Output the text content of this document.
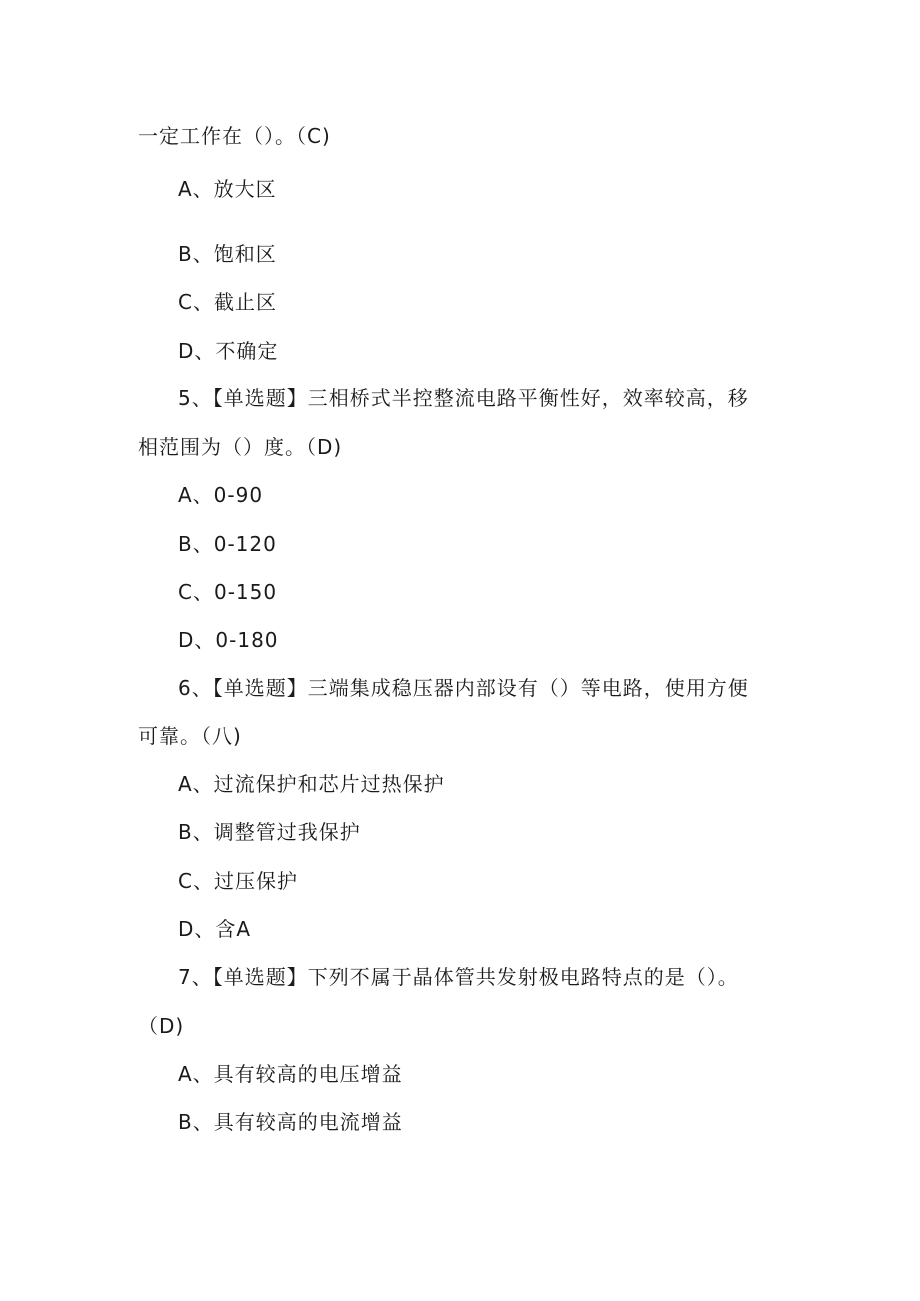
一定工作在（）。（C)
A、放大区
B、饱和区
C、截止区
D、不确定
5、【单选题】三相桥式半控整流电路平衡性好，效率较高，移
相范围为（）度。（D)
A、0-90
B、0-120
C、0-150
D、0-180
6、【单选题】三端集成稳压器内部设有（）等电路，使用方便
可靠。（八)
A、过流保护和芯片过热保护
B、调整管过我保护
C、过压保护
D、含A
7、【单选题】下列不属于晶体管共发射极电路特点的是（）。
（D)
A、具有较高的电压增益
B、具有较高的电流增益
